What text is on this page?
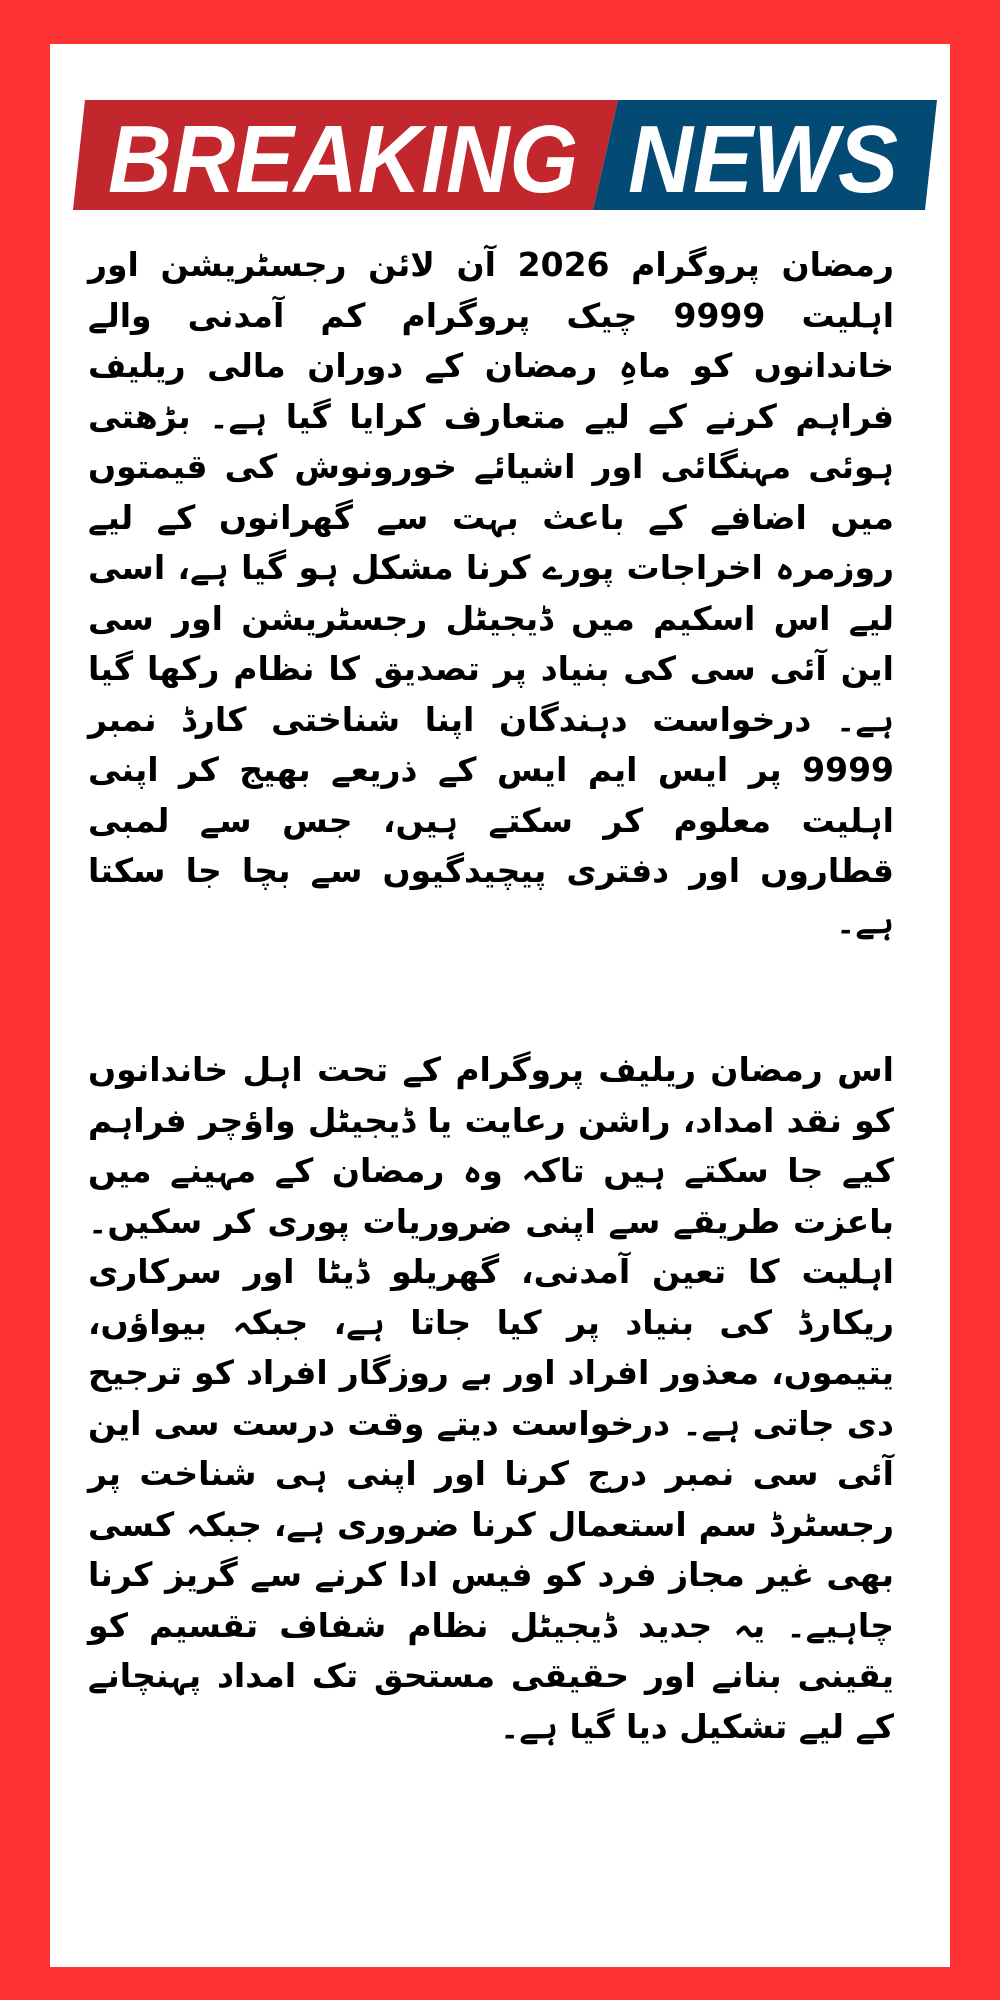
BREAKING NEWS

رمضان پروگرام 2026 آن لائن رجسٹریشن اور اہلیت 9999 چیک پروگرام کم آمدنی والے خاندانوں کو ماہِ رمضان کے دوران مالی ریلیف فراہم کرنے کے لیے متعارف کرایا گیا ہے۔ بڑھتی ہوئی مہنگائی اور اشیائے خورونوش کی قیمتوں میں اضافے کے باعث بہت سے گھرانوں کے لیے روزمرہ اخراجات پورے کرنا مشکل ہو گیا ہے، اسی لیے اس اسکیم میں ڈیجیٹل رجسٹریشن اور سی این آئی سی کی بنیاد پر تصدیق کا نظام رکھا گیا ہے۔ درخواست دہندگان اپنا شناختی کارڈ نمبر 9999 پر ایس ایم ایس کے ذریعے بھیج کر اپنی اہلیت معلوم کر سکتے ہیں، جس سے لمبی قطاروں اور دفتری پیچیدگیوں سے بچا جا سکتا ہے۔

اس رمضان ریلیف پروگرام کے تحت اہل خاندانوں کو نقد امداد، راشن رعایت یا ڈیجیٹل واؤچر فراہم کیے جا سکتے ہیں تاکہ وہ رمضان کے مہینے میں باعزت طریقے سے اپنی ضروریات پوری کر سکیں۔ اہلیت کا تعین آمدنی، گھریلو ڈیٹا اور سرکاری ریکارڈ کی بنیاد پر کیا جاتا ہے، جبکہ بیواؤں، یتیموں، معذور افراد اور بے روزگار افراد کو ترجیح دی جاتی ہے۔ درخواست دیتے وقت درست سی این آئی سی نمبر درج کرنا اور اپنی ہی شناخت پر رجسٹرڈ سم استعمال کرنا ضروری ہے، جبکہ کسی بھی غیر مجاز فرد کو فیس ادا کرنے سے گریز کرنا چاہیے۔ یہ جدید ڈیجیٹل نظام شفاف تقسیم کو یقینی بنانے اور حقیقی مستحق تک امداد پہنچانے کے لیے تشکیل دیا گیا ہے۔
